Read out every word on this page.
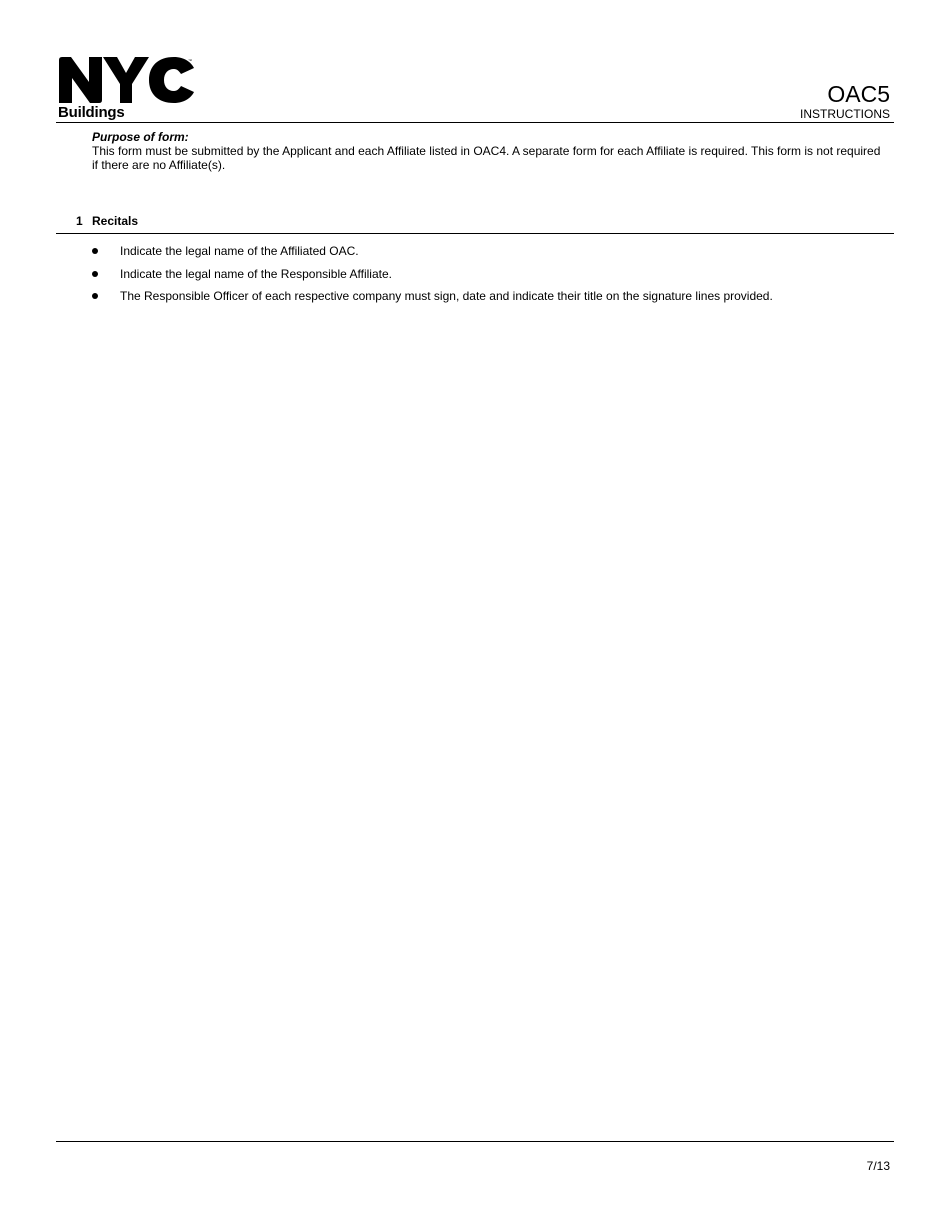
™
Buildings
OAC5
INSTRUCTIONS
Purpose of form:
This form must be submitted by the Applicant and each Affiliate listed in OAC4. A separate form for each Affiliate is required. This form is not required if there are no Affiliate(s).
1 Recitals
Indicate the legal name of the Affiliated OAC.
Indicate the legal name of the Responsible Affiliate.
The Responsible Officer of each respective company must sign, date and indicate their title on the signature lines provided.
7/13
